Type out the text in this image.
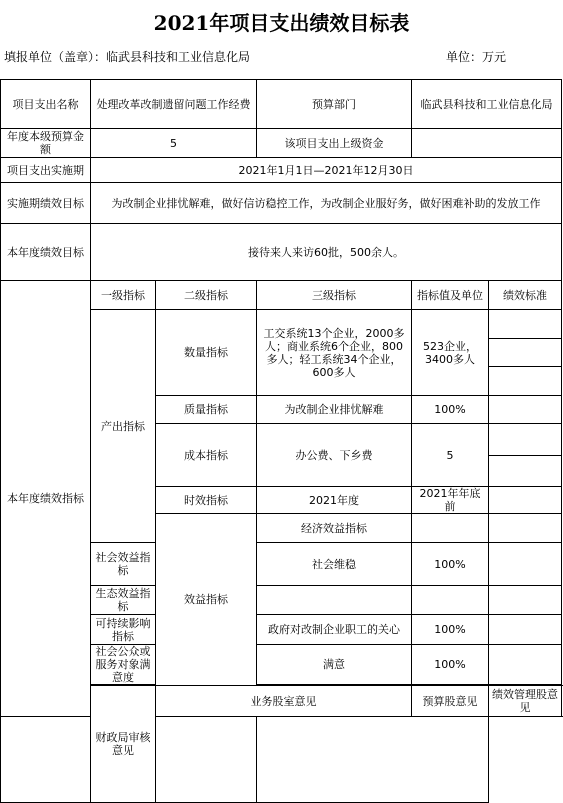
2021年项目支出绩效目标表
填报单位（盖章）：临武县科技和工业信息化局	单位：万元
项目支出名称	处理改革改制遗留问题工作经费		预算部门	临武县科技和工业信息化局		
年度本级预算金额	5		该项目支出上级资金			
项目支出实施期	2021年1月1日—2021年12月30日					
实施期绩效目标	为改制企业排忧解难，做好信访稳控工作，为改制企业服好务，做好困难补助的发放工作					
本年度绩效目标	接待来人来访60批，500余人。					
本年度绩效指标	一级指标	二级指标	三级指标	指标值及单位	绩效标准	
	产出指标	数量指标	工交系统13个企业，2000多人；商业系统6个企业，800多人；轻工系统34个企业，600多人	523企业，3400多人		

		质量指标	为改制企业排忧解难	100%		
		成本指标	办公费、下乡费	5		

		时效指标	2021年度	2021年年底前		
		效益指标	经济效益指标			
	社会效益指标		社会维稳	100%		
	生态效益指标					
	可持续影响指标		政府对改制企业职工的关心	100%		
	社会公众或服务对象满意度		满意	100%		

	财政局审核意见	业务股室意见		预算股意见	绩效管理股意见	
